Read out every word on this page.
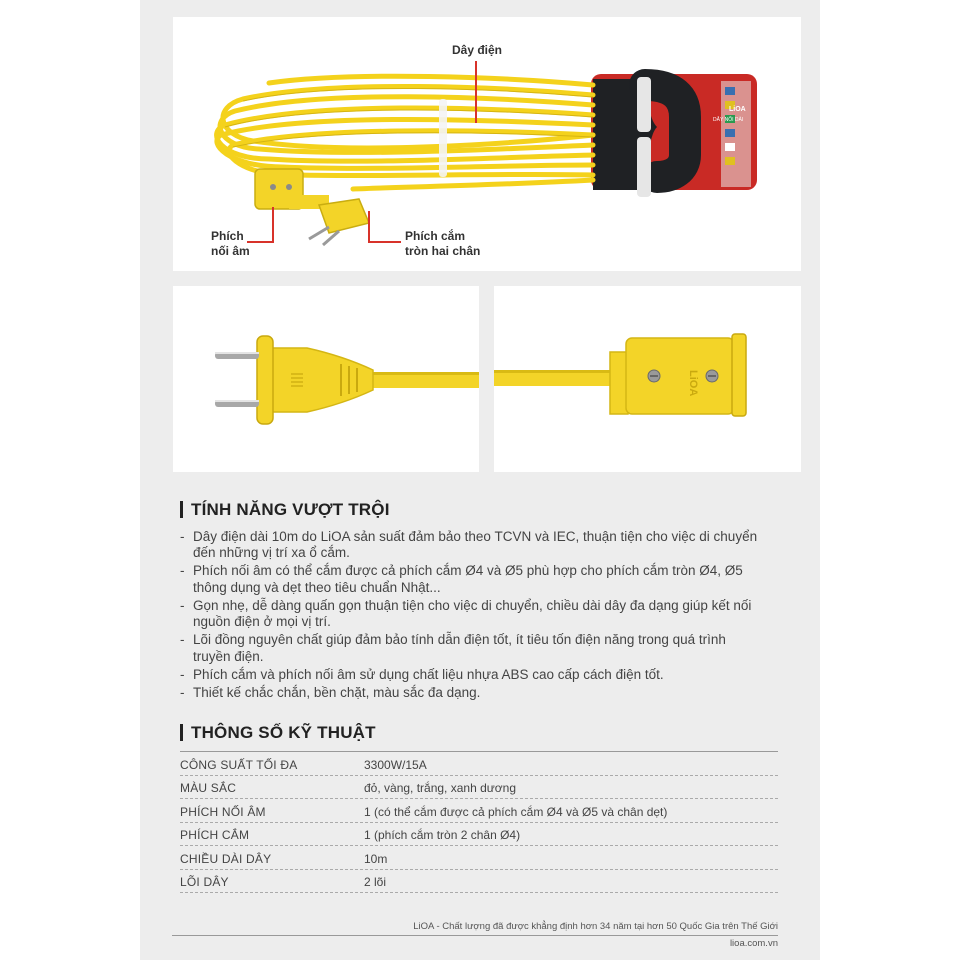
LiOA
DÂY NỐI DÀI
Dây điện
Phích
nối âm
Phích cắm
tròn hai chân
LiOA
TÍNH NĂNG VƯỢT TRỘI
- Dây điện dài 10m do LiOA sản suất đảm bảo theo TCVN và IEC, thuận tiện cho việc di chuyển
đến những vị trí xa ổ cắm.
- Phích nối âm có thể cắm được cả phích cắm Ø4 và Ø5 phù hợp cho phích cắm tròn Ø4, Ø5
thông dụng và dẹt theo tiêu chuẩn Nhật...
- Gọn nhẹ, dễ dàng quấn gọn thuận tiện cho việc di chuyển, chiều dài dây đa dạng giúp kết nối
nguồn điện ở mọi vị trí.
- Lõi đồng nguyên chất giúp đảm bảo tính dẫn điện tốt, ít tiêu tốn điện năng trong quá trình
truyền điện.
- Phích cắm và phích nối âm sử dụng chất liệu nhựa ABS cao cấp cách điện tốt.
- Thiết kế chắc chắn, bền chặt, màu sắc đa dạng.
THÔNG SỐ KỸ THUẬT
CÔNG SUẤT TỐI ĐA	3300W/15A
MÀU SẮC	đỏ, vàng, trắng, xanh dương
PHÍCH NỐI ÂM	1 (có thể cắm được cả phích cắm Ø4 và Ø5 và chân dẹt)
PHÍCH CẮM	1 (phích cắm tròn 2 chân Ø4)
CHIỀU DÀI DÂY	10m
LÕI DÂY	2 lõi
LiOA - Chất lượng đã được khẳng định hơn 34 năm tại hơn 50 Quốc Gia trên Thế Giới
lioa.com.vn
